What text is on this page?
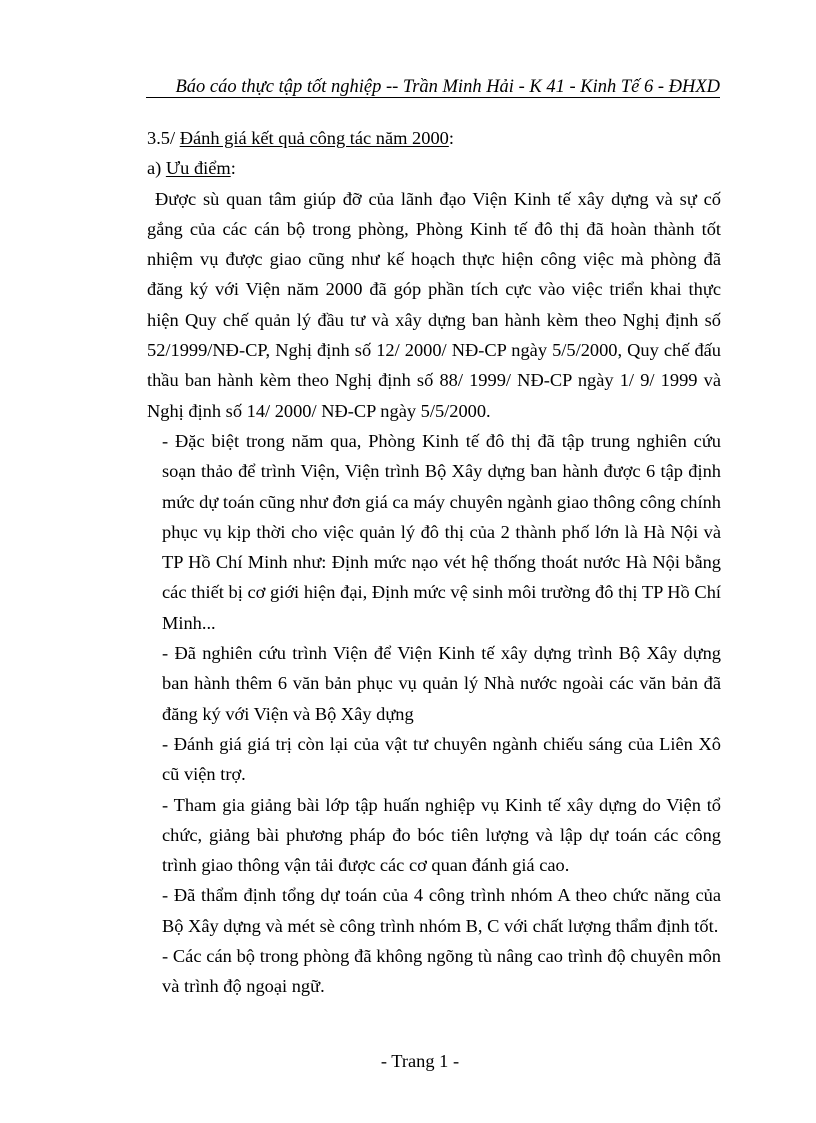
Báo cáo thực tập tốt nghiệp -- Trần Minh Hải - K 41 - Kinh Tế 6 - ĐHXD

3.5/ Đánh giá kết quả công tác năm 2000:

a) Ưu điểm:

Được sù quan tâm giúp đỡ của lãnh đạo Viện Kinh tế xây dựng và sự cố gắng của các cán bộ trong phòng, Phòng Kinh tế đô thị đã hoàn thành tốt nhiệm vụ được giao cũng như kế hoạch thực hiện công việc mà phòng đã đăng ký với Viện năm 2000 đã góp phần tích cực vào việc triển khai thực hiện Quy chế quản lý đầu tư và xây dựng ban hành kèm theo Nghị định số 52/1999/NĐ-CP, Nghị định số 12/ 2000/ NĐ-CP ngày 5/5/2000, Quy chế đấu thầu ban hành kèm theo Nghị định số 88/ 1999/ NĐ-CP ngày 1/ 9/ 1999 và Nghị định số 14/ 2000/ NĐ-CP ngày 5/5/2000.

- Đặc biệt trong năm qua, Phòng Kinh tế đô thị đã tập trung nghiên cứu soạn thảo để trình Viện, Viện trình Bộ Xây dựng ban hành được 6 tập định mức dự toán cũng như đơn giá ca máy chuyên ngành giao thông công chính phục vụ kịp thời cho việc quản lý đô thị của 2 thành phố lớn là Hà Nội và TP Hồ Chí Minh như: Định mức nạo vét hệ thống thoát nước Hà Nội bằng các thiết bị cơ giới hiện đại, Định mức vệ sinh môi trường đô thị TP Hồ Chí Minh...

- Đã nghiên cứu trình Viện để Viện Kinh tế xây dựng trình Bộ Xây dựng ban hành thêm 6 văn bản phục vụ quản lý Nhà nước ngoài các văn bản đã đăng ký với Viện và Bộ Xây dựng

- Đánh giá giá trị còn lại của vật tư chuyên ngành chiếu sáng của Liên Xô cũ viện trợ.

- Tham gia giảng bài lớp tập huấn nghiệp vụ Kinh tế xây dựng do Viện tổ chức, giảng bài phương pháp đo bóc tiên lượng và lập dự toán các công trình giao thông vận tải được các cơ quan đánh giá cao.

- Đã thẩm định tổng dự toán của 4 công trình nhóm A theo chức năng của Bộ Xây dựng và mét sè công trình nhóm B, C với chất lượng thẩm định tốt.

- Các cán bộ trong phòng đã không ngõng tù nâng cao trình độ chuyên môn và trình độ ngoại ngữ.

- Trang 1 -
